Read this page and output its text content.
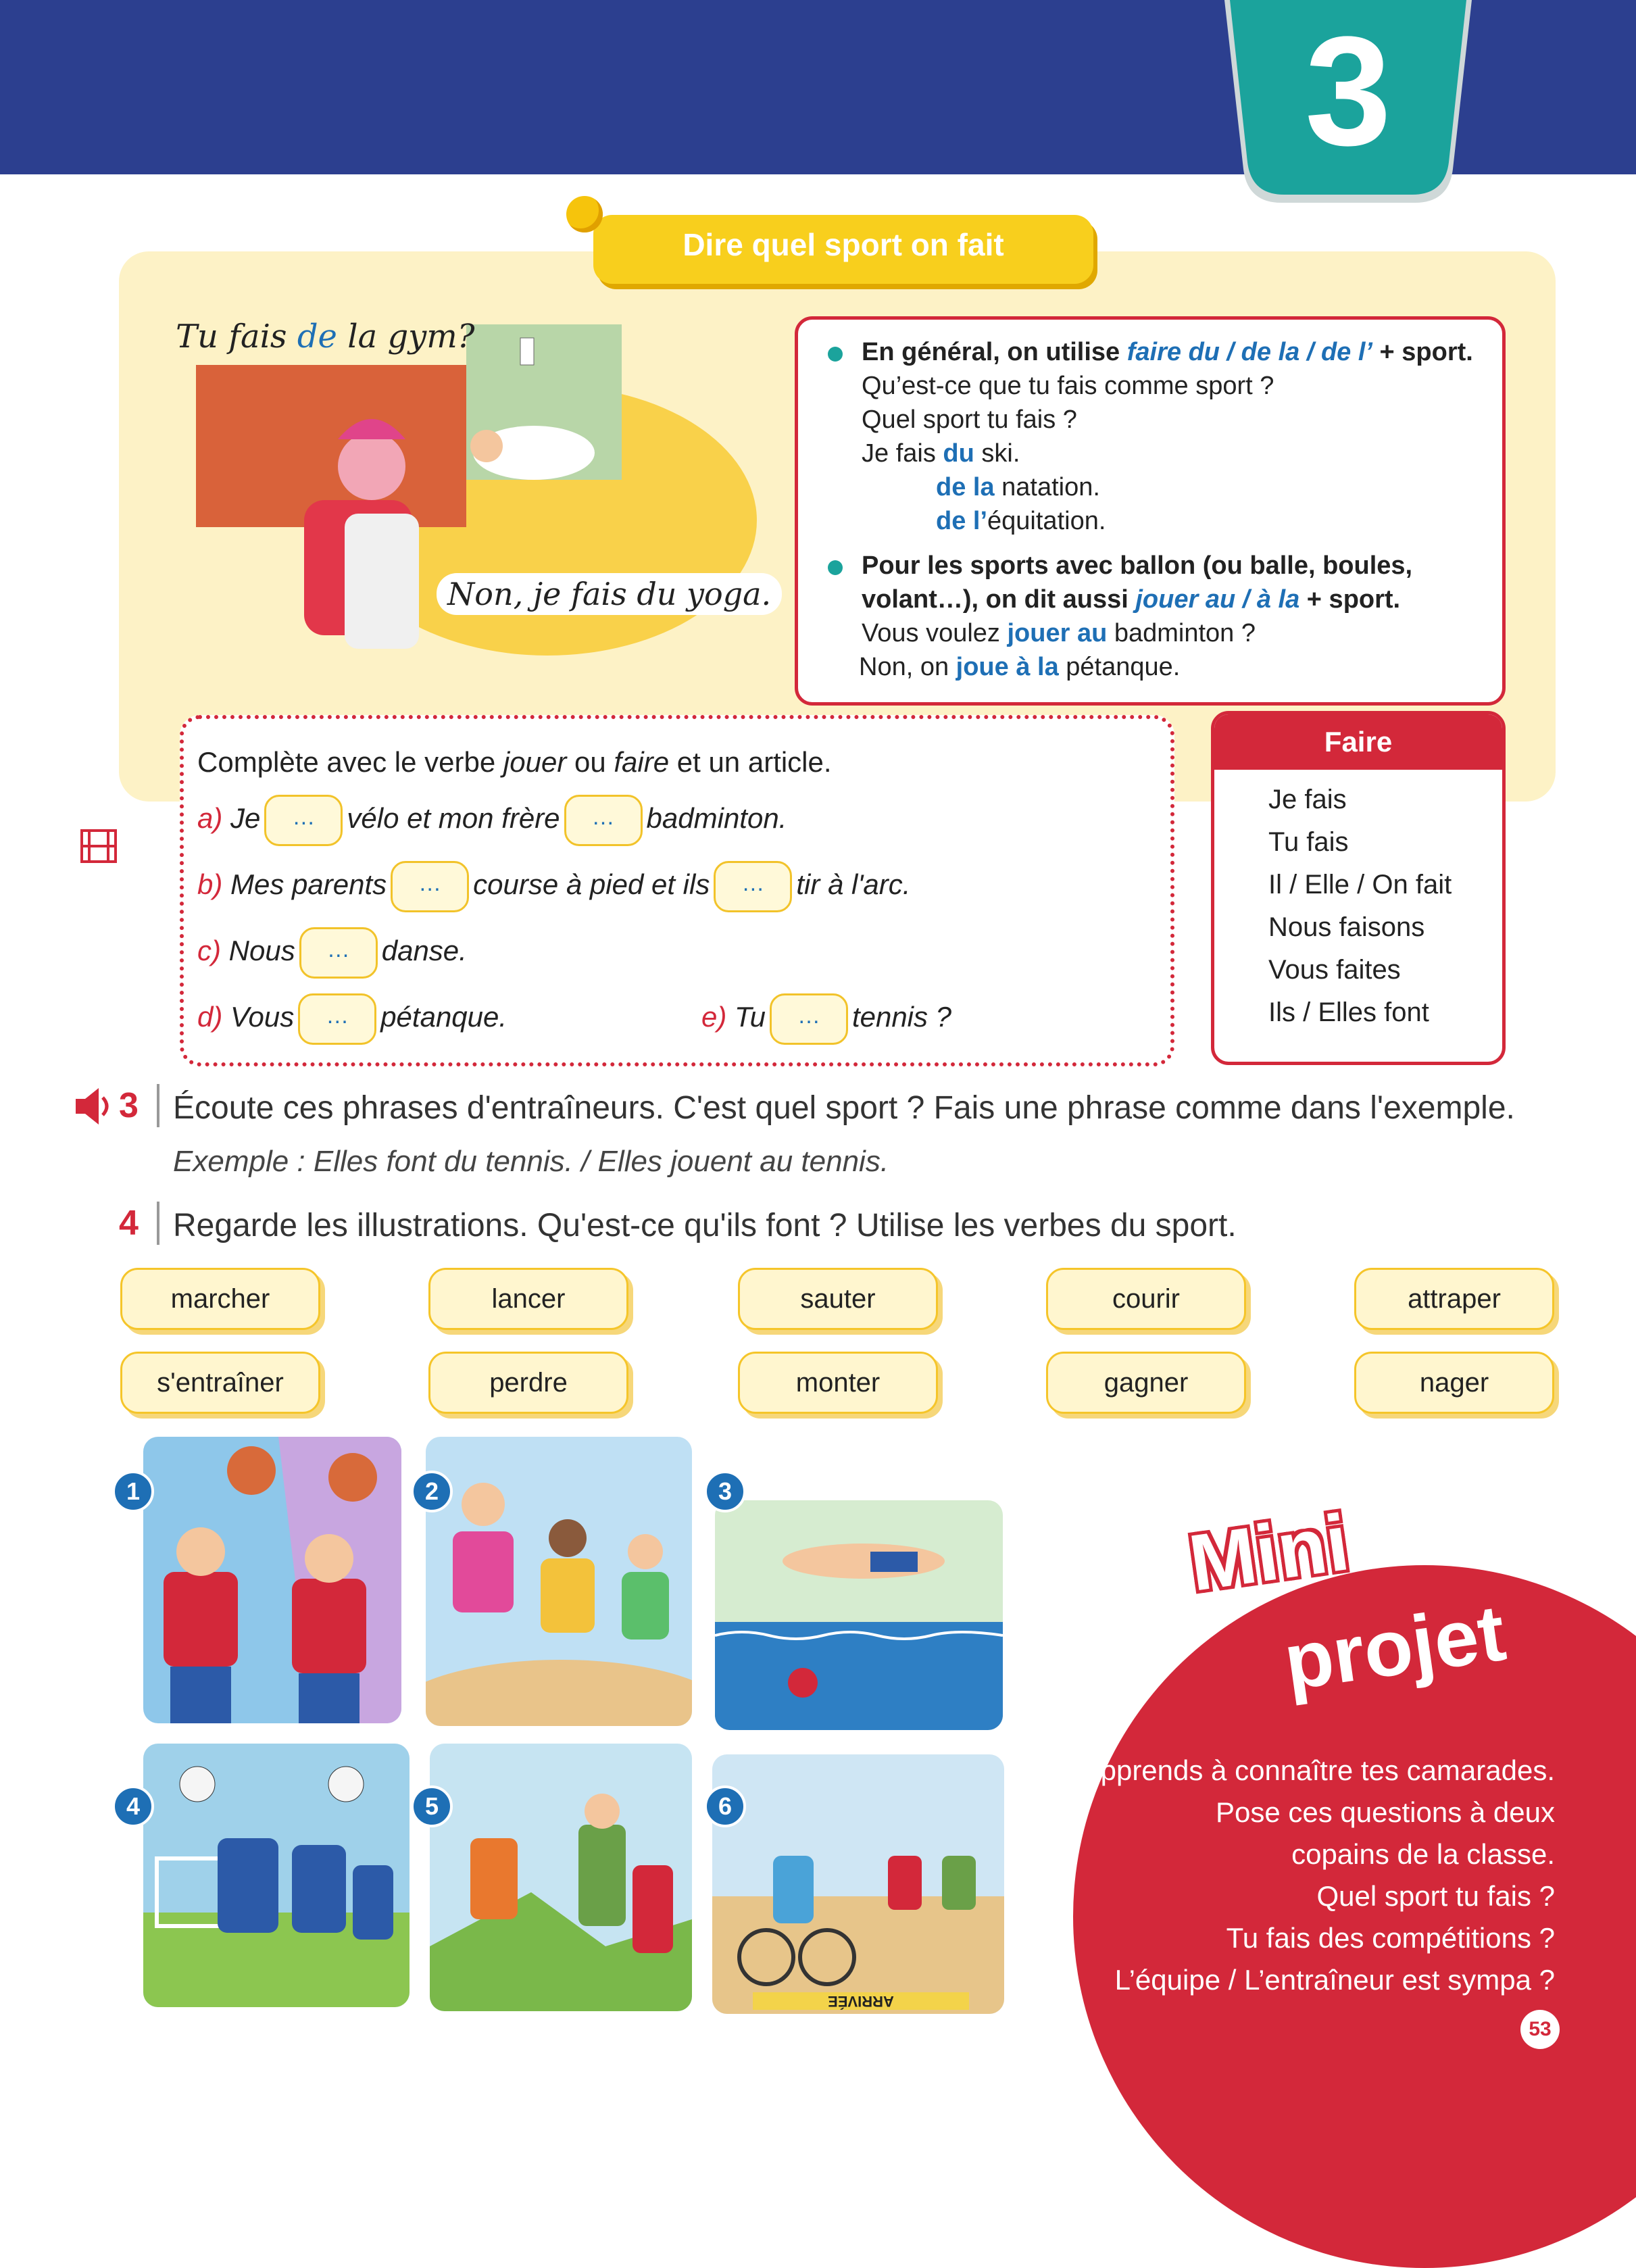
3
Dire quel sport on fait
Tu fais de la gym?
Non, je fais du yoga.
En général, on utilise faire du / de la / de l’ + sport.
Qu’est-ce que tu fais comme sport ?
Quel sport tu fais ?
Je fais du ski.
de la natation.
de l’équitation.
Pour les sports avec ballon (ou balle, boules,
volant…), on dit aussi jouer au / à la + sport.
Vous voulez jouer au badminton ?
Non, on joue à la pétanque.
Complète avec le verbe jouer ou faire et un article.
a) Je … vélo et mon frère … badminton.
b) Mes parents … course à pied et ils … tir à l'arc.
c) Nous … danse.
d) Vous … pétanque.	e) Tu … tennis ?
Faire
Je fais
Tu fais
Il / Elle / On fait
Nous faisons
Vous faites
Ils / Elles font
3 Écoute ces phrases d'entraîneurs. C'est quel sport ? Fais une phrase comme dans l'exemple.
Exemple : Elles font du tennis. / Elles jouent au tennis.
4 Regarde les illustrations. Qu'est-ce qu'ils font ? Utilise les verbes du sport.
marcher	lancer	sauter	courir	attraper
s'entraîner	perdre	monter	gagner	nager
1	2	3
4	5
ARRIVÉE
6
Mini
projet
Apprends à connaître tes camarades.
Pose ces questions à deux
copains de la classe.
Quel sport tu fais ?
Tu fais des compétitions ?
L’équipe / L’entraîneur est sympa ?
53
